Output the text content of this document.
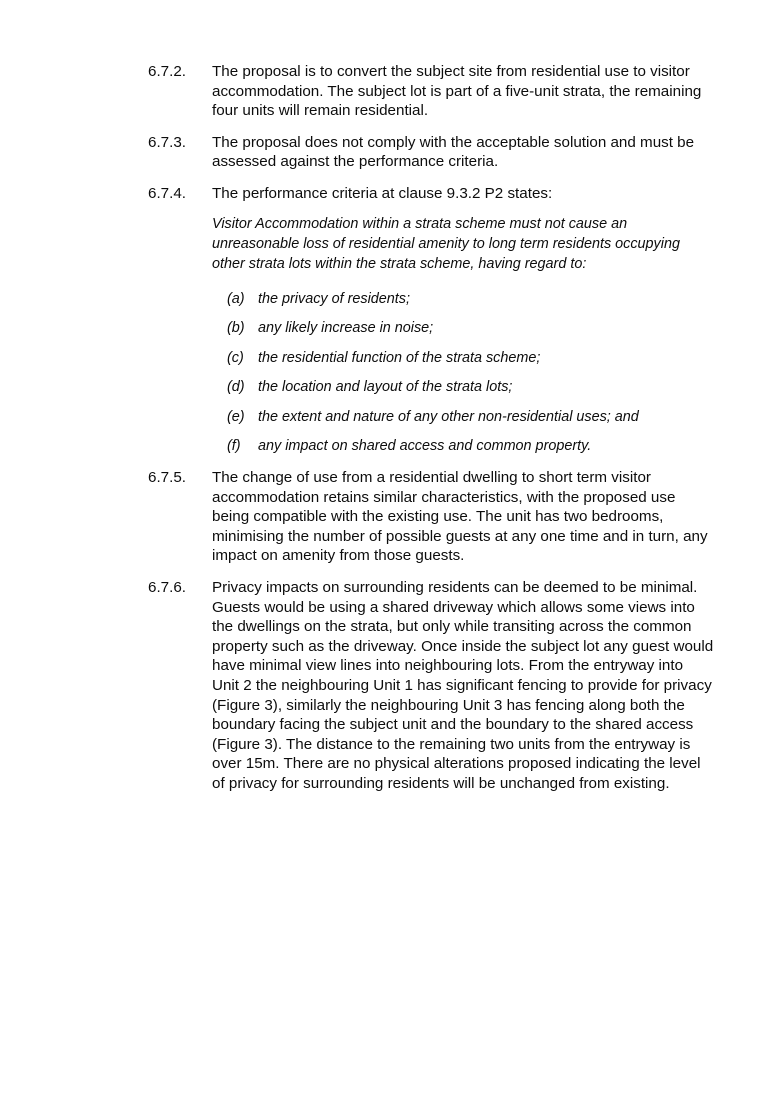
6.7.2.	The proposal is to convert the subject site from residential use to visitor accommodation. The subject lot is part of a five-unit strata, the remaining four units will remain residential.
6.7.3.	The proposal does not comply with the acceptable solution and must be assessed against the performance criteria.
6.7.4.	The performance criteria at clause 9.3.2 P2 states:
Visitor Accommodation within a strata scheme must not cause an unreasonable loss of residential amenity to long term residents occupying other strata lots within the strata scheme, having regard to:
(a) the privacy of residents;
(b) any likely increase in noise;
(c) the residential function of the strata scheme;
(d) the location and layout of the strata lots;
(e) the extent and nature of any other non-residential uses; and
(f)	any impact on shared access and common property.
6.7.5.	The change of use from a residential dwelling to short term visitor accommodation retains similar characteristics, with the proposed use being compatible with the existing use. The unit has two bedrooms, minimising the number of possible guests at any one time and in turn, any impact on amenity from those guests.
6.7.6.	Privacy impacts on surrounding residents can be deemed to be minimal. Guests would be using a shared driveway which allows some views into the dwellings on the strata, but only while transiting across the common property such as the driveway. Once inside the subject lot any guest would have minimal view lines into neighbouring lots. From the entryway into Unit 2 the neighbouring Unit 1 has significant fencing to provide for privacy (Figure 3), similarly the neighbouring Unit 3 has fencing along both the boundary facing the subject unit and the boundary to the shared access (Figure 3). The distance to the remaining two units from the entryway is over 15m. There are no physical alterations proposed indicating the level of privacy for surrounding residents will be unchanged from existing.
